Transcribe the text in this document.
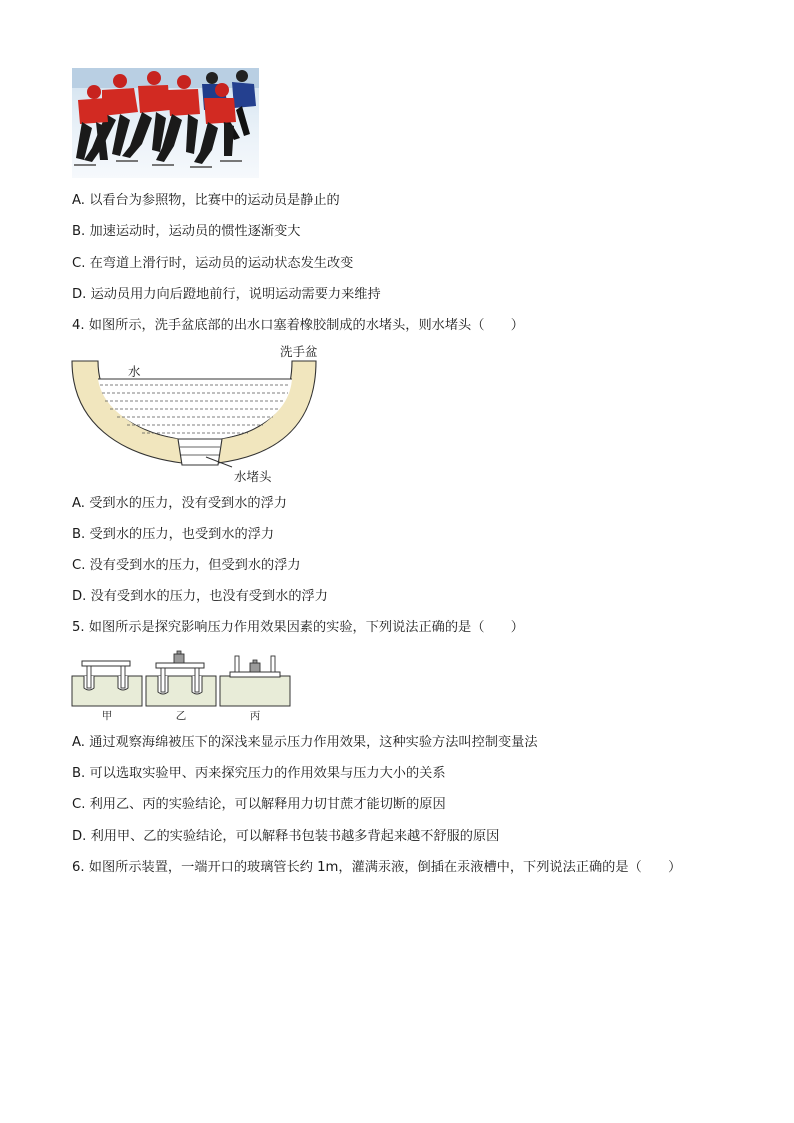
A. 以看台为参照物，比赛中的运动员是静止的

B. 加速运动时，运动员的惯性逐渐变大

C. 在弯道上滑行时，运动员的运动状态发生改变

D. 运动员用力向后蹬地前行，说明运动需要力来维持

4. 如图所示，洗手盆底部的出水口塞着橡胶制成的水堵头，则水堵头（　　）

洗手盆
水
水堵头

A. 受到水的压力，没有受到水的浮力

B. 受到水的压力，也受到水的浮力

C. 没有受到水的压力，但受到水的浮力

D. 没有受到水的压力，也没有受到水的浮力

5. 如图所示是探究影响压力作用效果因素的实验，下列说法正确的是（　　）

甲	乙	丙

A. 通过观察海绵被压下的深浅来显示压力作用效果，这种实验方法叫控制变量法

B. 可以选取实验甲、丙来探究压力的作用效果与压力大小的关系

C. 利用乙、丙的实验结论，可以解释用力切甘蔗才能切断的原因

D. 利用甲、乙的实验结论，可以解释书包装书越多背起来越不舒服的原因

6. 如图所示装置，一端开口的玻璃管长约 1m，灌满汞液，倒插在汞液槽中，下列说法正确的是（　　）
